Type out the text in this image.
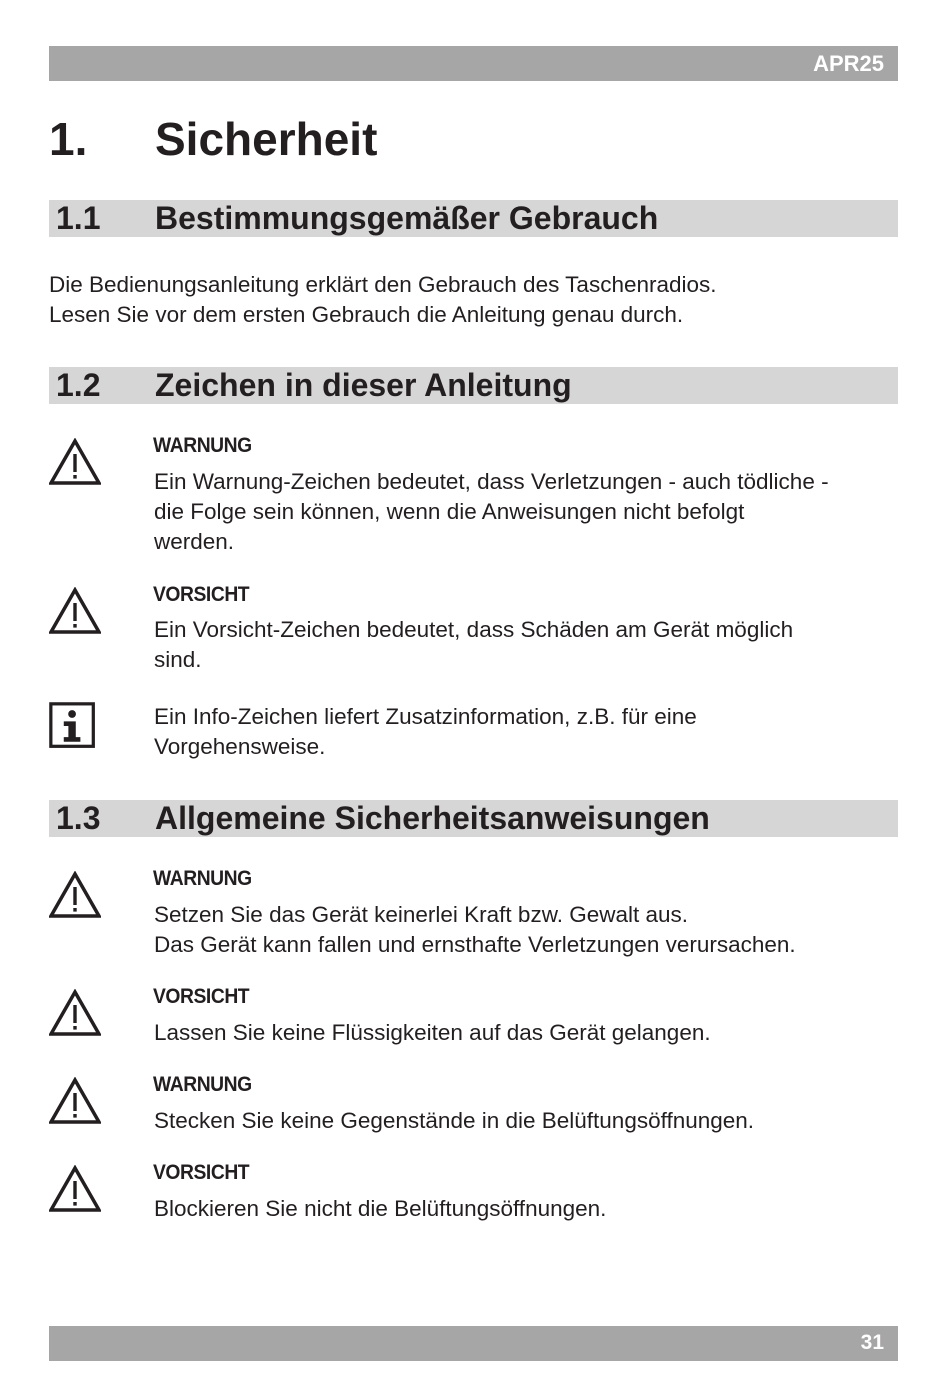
APR25
1. Sicherheit
1.1 Bestimmungsgemäßer Gebrauch
Die Bedienungsanleitung erklärt den Gebrauch des Taschenradios.
Lesen Sie vor dem ersten Gebrauch die Anleitung genau durch.
1.2 Zeichen in dieser Anleitung
WARNUNG
Ein Warnung-Zeichen bedeutet, dass Verletzungen - auch tödliche -
die Folge sein können, wenn die Anweisungen nicht befolgt
werden.
VORSICHT
Ein Vorsicht-Zeichen bedeutet, dass Schäden am Gerät möglich
sind.
Ein Info-Zeichen liefert Zusatzinformation, z.B. für eine
Vorgehensweise.
1.3 Allgemeine Sicherheitsanweisungen
WARNUNG
Setzen Sie das Gerät keinerlei Kraft bzw. Gewalt aus.
Das Gerät kann fallen und ernsthafte Verletzungen verursachen.
VORSICHT
Lassen Sie keine Flüssigkeiten auf das Gerät gelangen.
WARNUNG
Stecken Sie keine Gegenstände in die Belüftungsöffnungen.
VORSICHT
Blockieren Sie nicht die Belüftungsöffnungen.
31
